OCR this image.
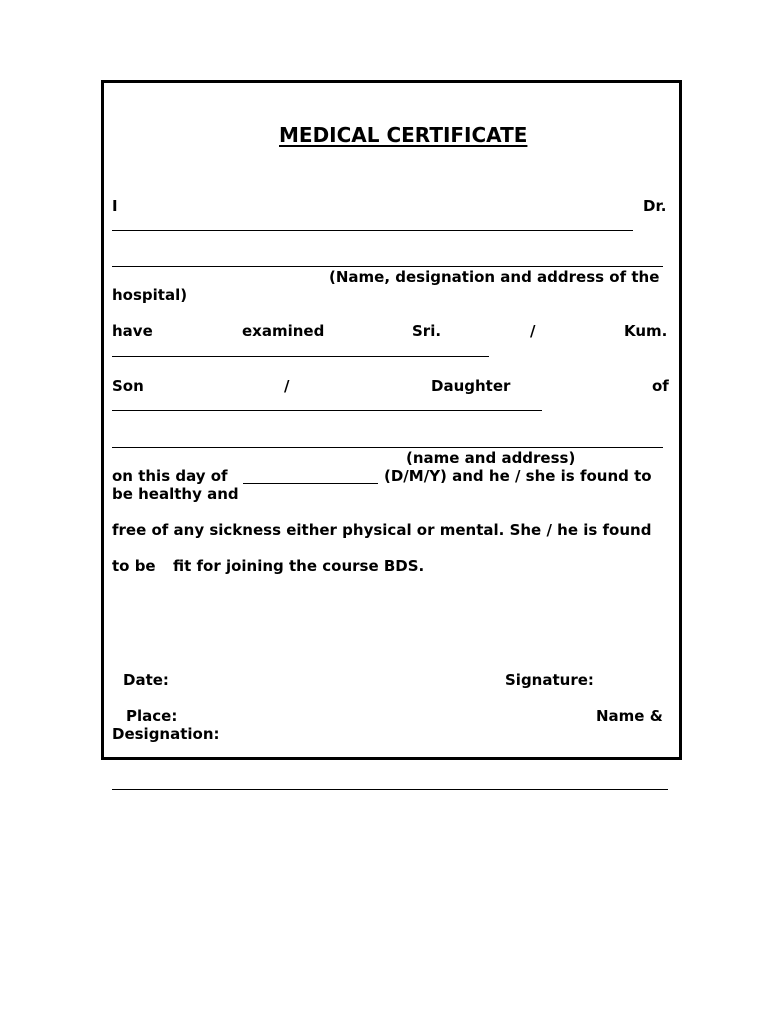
MEDICAL CERTIFICATE
I	Dr.
(Name, designation and address of the
hospital)
have	examined	Sri.	/	Kum.
Son	/	Daughter	of
(name and address)
on this day of	(D/M/Y) and he / she is found to
be healthy and
free of any sickness either physical or mental. She / he is found
to be fit for joining the course BDS.
Date:	Signature:
Place:	Name &
Designation:
